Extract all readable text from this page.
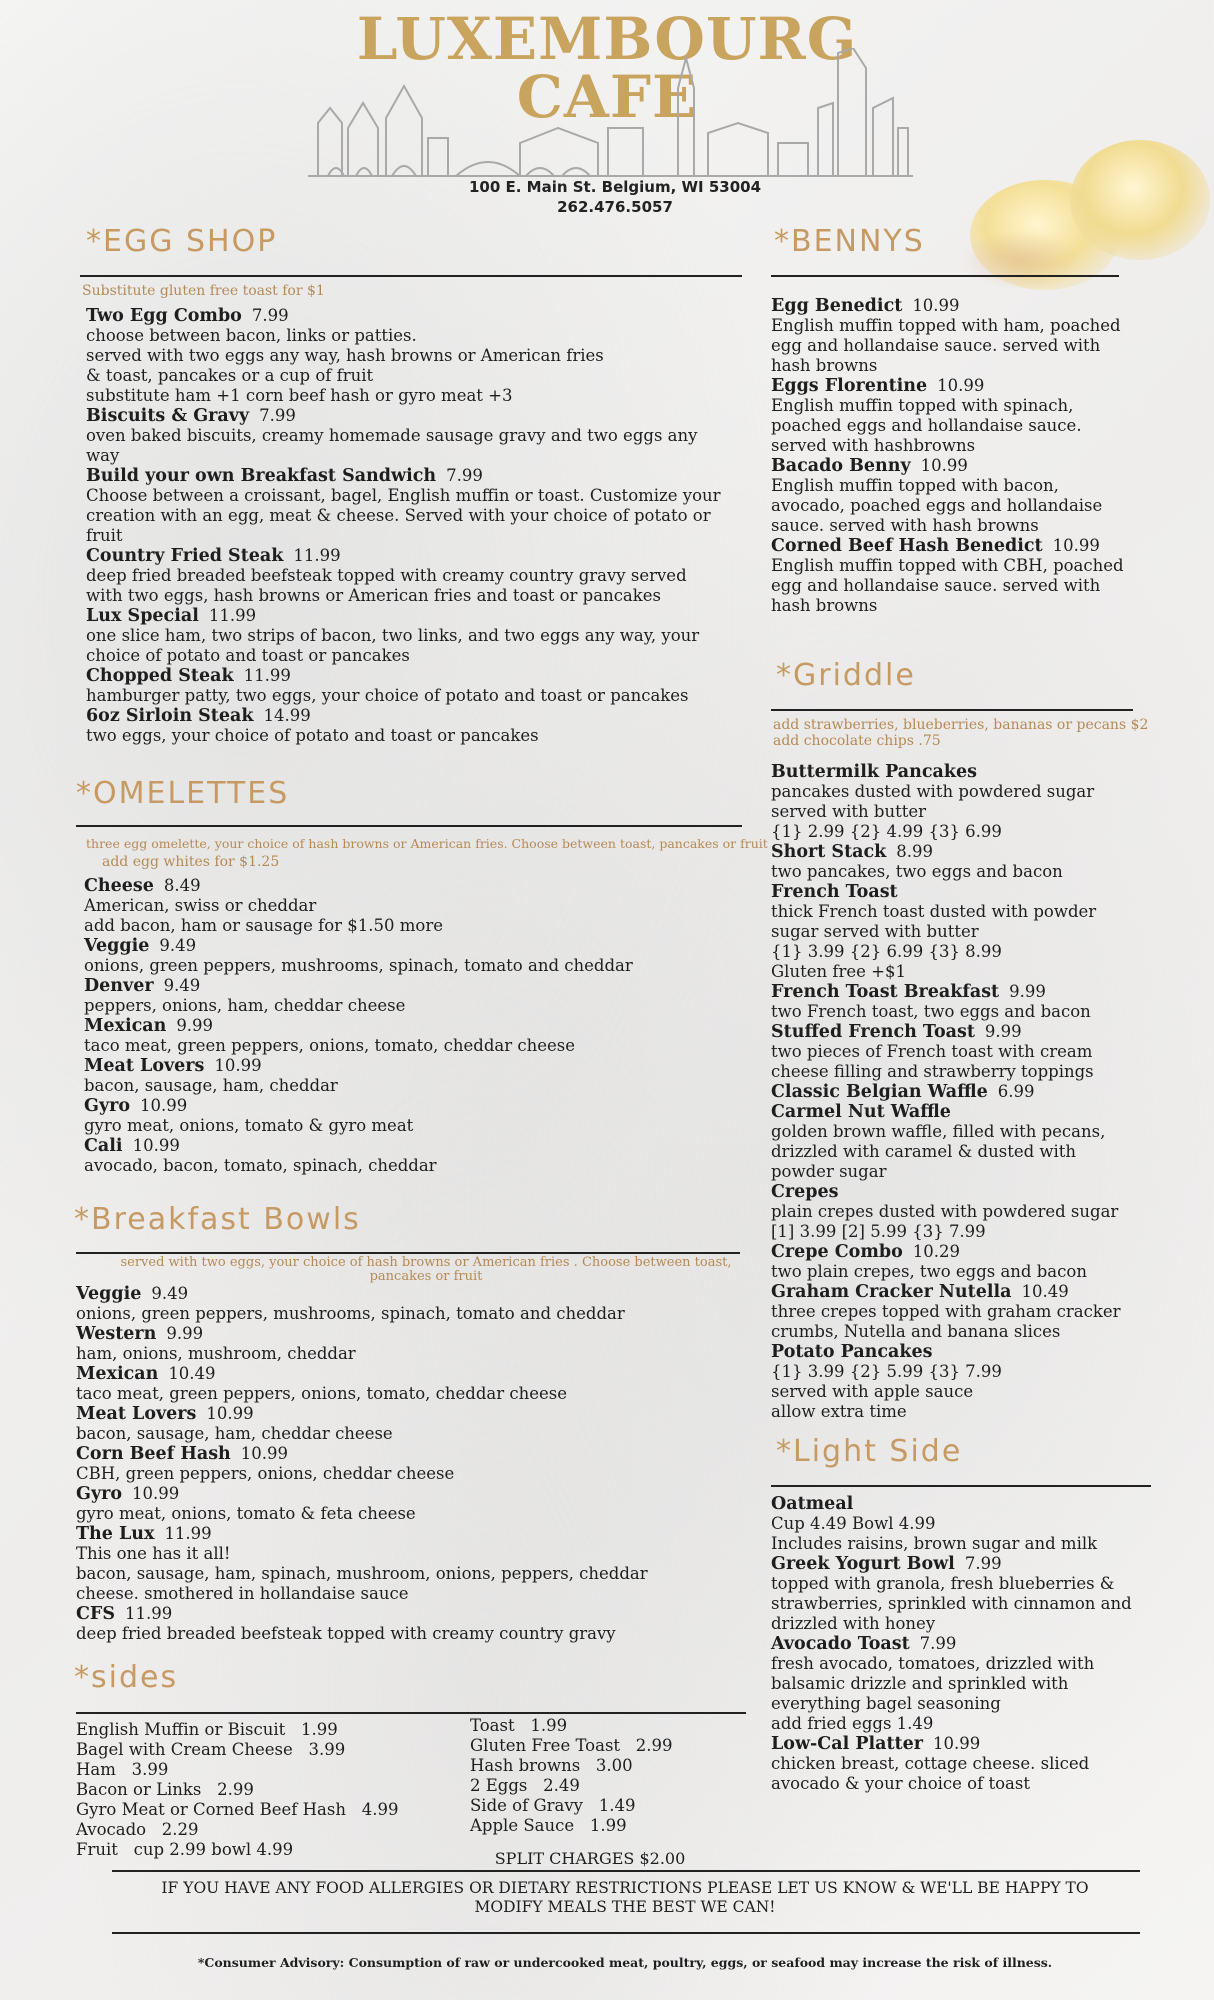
LUXEMBOURG
CAFE
100 E. Main St. Belgium, WI 53004
262.476.5057
*EGG SHOP
Substitute gluten free toast for $1
Two Egg Combo 7.99
choose between bacon, links or patties.
served with two eggs any way, hash browns or American fries
& toast, pancakes or a cup of fruit
substitute ham +1 corn beef hash or gyro meat +3
Biscuits & Gravy 7.99
oven baked biscuits, creamy homemade sausage gravy and two eggs any
way
Build your own Breakfast Sandwich 7.99
Choose between a croissant, bagel, English muffin or toast. Customize your
creation with an egg, meat & cheese. Served with your choice of potato or
fruit
Country Fried Steak 11.99
deep fried breaded beefsteak topped with creamy country gravy served
with two eggs, hash browns or American fries and toast or pancakes
Lux Special 11.99
one slice ham, two strips of bacon, two links, and two eggs any way, your
choice of potato and toast or pancakes
Chopped Steak 11.99
hamburger patty, two eggs, your choice of potato and toast or pancakes
6oz Sirloin Steak 14.99
two eggs, your choice of potato and toast or pancakes
*OMELETTES
three egg omelette, your choice of hash browns or American fries. Choose between toast, pancakes or fruit
add egg whites for $1.25
Cheese 8.49
American, swiss or cheddar
add bacon, ham or sausage for $1.50 more
Veggie 9.49
onions, green peppers, mushrooms, spinach, tomato and cheddar
Denver 9.49
peppers, onions, ham, cheddar cheese
Mexican 9.99
taco meat, green peppers, onions, tomato, cheddar cheese
Meat Lovers 10.99
bacon, sausage, ham, cheddar
Gyro 10.99
gyro meat, onions, tomato & gyro meat
Cali 10.99
avocado, bacon, tomato, spinach, cheddar
*Breakfast Bowls
served with two eggs, your choice of hash browns or American fries . Choose between toast,
pancakes or fruit
Veggie 9.49
onions, green peppers, mushrooms, spinach, tomato and cheddar
Western 9.99
ham, onions, mushroom, cheddar
Mexican 10.49
taco meat, green peppers, onions, tomato, cheddar cheese
Meat Lovers 10.99
bacon, sausage, ham, cheddar cheese
Corn Beef Hash 10.99
CBH, green peppers, onions, cheddar cheese
Gyro 10.99
gyro meat, onions, tomato & feta cheese
The Lux 11.99
This one has it all!
bacon, sausage, ham, spinach, mushroom, onions, peppers, cheddar
cheese. smothered in hollandaise sauce
CFS 11.99
deep fried breaded beefsteak topped with creamy country gravy
*sides
English Muffin or Biscuit   1.99
Bagel with Cream Cheese   3.99
Ham   3.99
Bacon or Links   2.99
Gyro Meat or Corned Beef Hash   4.99
Avocado   2.29
Fruit   cup 2.99 bowl 4.99
Toast   1.99
Gluten Free Toast   2.99
Hash browns   3.00
2 Eggs   2.49
Side of Gravy   1.49
Apple Sauce   1.99
SPLIT CHARGES $2.00
*BENNYS
Egg Benedict 10.99
English muffin topped with ham, poached
egg and hollandaise sauce. served with
hash browns
Eggs Florentine 10.99
English muffin topped with spinach,
poached eggs and hollandaise sauce.
served with hashbrowns
Bacado Benny 10.99
English muffin topped with bacon,
avocado, poached eggs and hollandaise
sauce. served with hash browns
Corned Beef Hash Benedict 10.99
English muffin topped with CBH, poached
egg and hollandaise sauce. served with
hash browns
*Griddle
add strawberries, blueberries, bananas or pecans $2
add chocolate chips .75
Buttermilk Pancakes
pancakes dusted with powdered sugar
served with butter
{1} 2.99 {2} 4.99 {3} 6.99
Short Stack 8.99
two pancakes, two eggs and bacon
French Toast
thick French toast dusted with powder
sugar served with butter
{1} 3.99 {2} 6.99 {3} 8.99
Gluten free +$1
French Toast Breakfast 9.99
two French toast, two eggs and bacon
Stuffed French Toast 9.99
two pieces of French toast with cream
cheese filling and strawberry toppings
Classic Belgian Waffle 6.99
Carmel Nut Waffle
golden brown waffle, filled with pecans,
drizzled with caramel & dusted with
powder sugar
Crepes
plain crepes dusted with powdered sugar
[1] 3.99 [2] 5.99 {3} 7.99
Crepe Combo 10.29
two plain crepes, two eggs and bacon
Graham Cracker Nutella 10.49
three crepes topped with graham cracker
crumbs, Nutella and banana slices
Potato Pancakes
{1} 3.99 {2} 5.99 {3} 7.99
served with apple sauce
allow extra time
*Light Side
Oatmeal
Cup 4.49 Bowl 4.99
Includes raisins, brown sugar and milk
Greek Yogurt Bowl 7.99
topped with granola, fresh blueberries &
strawberries, sprinkled with cinnamon and
drizzled with honey
Avocado Toast 7.99
fresh avocado, tomatoes, drizzled with
balsamic drizzle and sprinkled with
everything bagel seasoning
add fried eggs 1.49
Low-Cal Platter 10.99
chicken breast, cottage cheese. sliced
avocado & your choice of toast
IF YOU HAVE ANY FOOD ALLERGIES OR DIETARY RESTRICTIONS PLEASE LET US KNOW & WE'LL BE HAPPY TO
MODIFY MEALS THE BEST WE CAN!
*Consumer Advisory: Consumption of raw or undercooked meat, poultry, eggs, or seafood may increase the risk of illness.
